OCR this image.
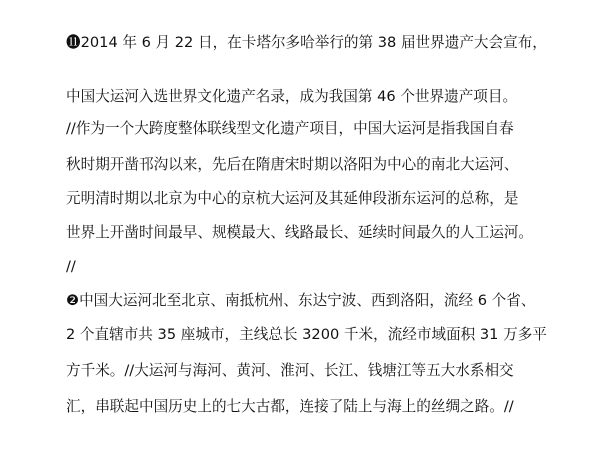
⓫2014 年 6 月 22 日，在卡塔尔多哈举行的第 38 届世界遗产大会宣布，
中国大运河入选世界文化遗产名录，成为我国第 46 个世界遗产项目。
//作为一个大跨度整体联线型文化遗产项目，中国大运河是指我国自春
秋时期开凿邗沟以来，先后在隋唐宋时期以洛阳为中心的南北大运河、
元明清时期以北京为中心的京杭大运河及其延伸段浙东运河的总称，是
世界上开凿时间最早、规模最大、线路最长、延续时间最久的人工运河。
//
❷中国大运河北至北京、南抵杭州、东达宁波、西到洛阳，流经 6 个省、
2 个直辖市共 35 座城市，主线总长 3200 千米，流经市域面积 31 万多平
方千米。//大运河与海河、黄河、淮河、长江、钱塘江等五大水系相交
汇，串联起中国历史上的七大古都，连接了陆上与海上的丝绸之路。//
